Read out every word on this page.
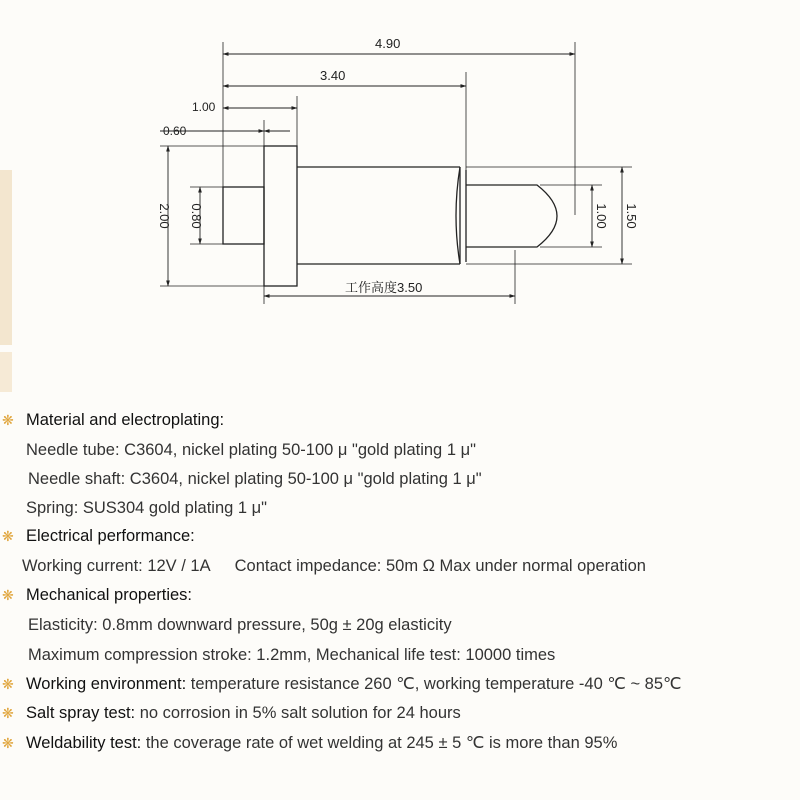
4.90
3.40
1.00
0.60
2.00 0.80	1.00 1.50
工作高度3.50
❋ Material and electroplating:
Needle tube: C3604, nickel plating 50-100 μ "gold plating 1 μ"
Needle shaft: C3604, nickel plating 50-100 μ "gold plating 1 μ"
Spring: SUS304 gold plating 1 μ"
❋ Electrical performance:
Working current: 12V / 1A Contact impedance: 50m Ω Max under normal operation
❋ Mechanical properties:
Elasticity: 0.8mm downward pressure, 50g ± 20g elasticity
Maximum compression stroke: 1.2mm, Mechanical life test: 10000 times
❋ Working environment: temperature resistance 260 ℃, working temperature -40 ℃ ~ 85℃
❋ Salt spray test: no corrosion in 5% salt solution for 24 hours
❋ Weldability test: the coverage rate of wet welding at 245 ± 5 ℃ is more than 95%
